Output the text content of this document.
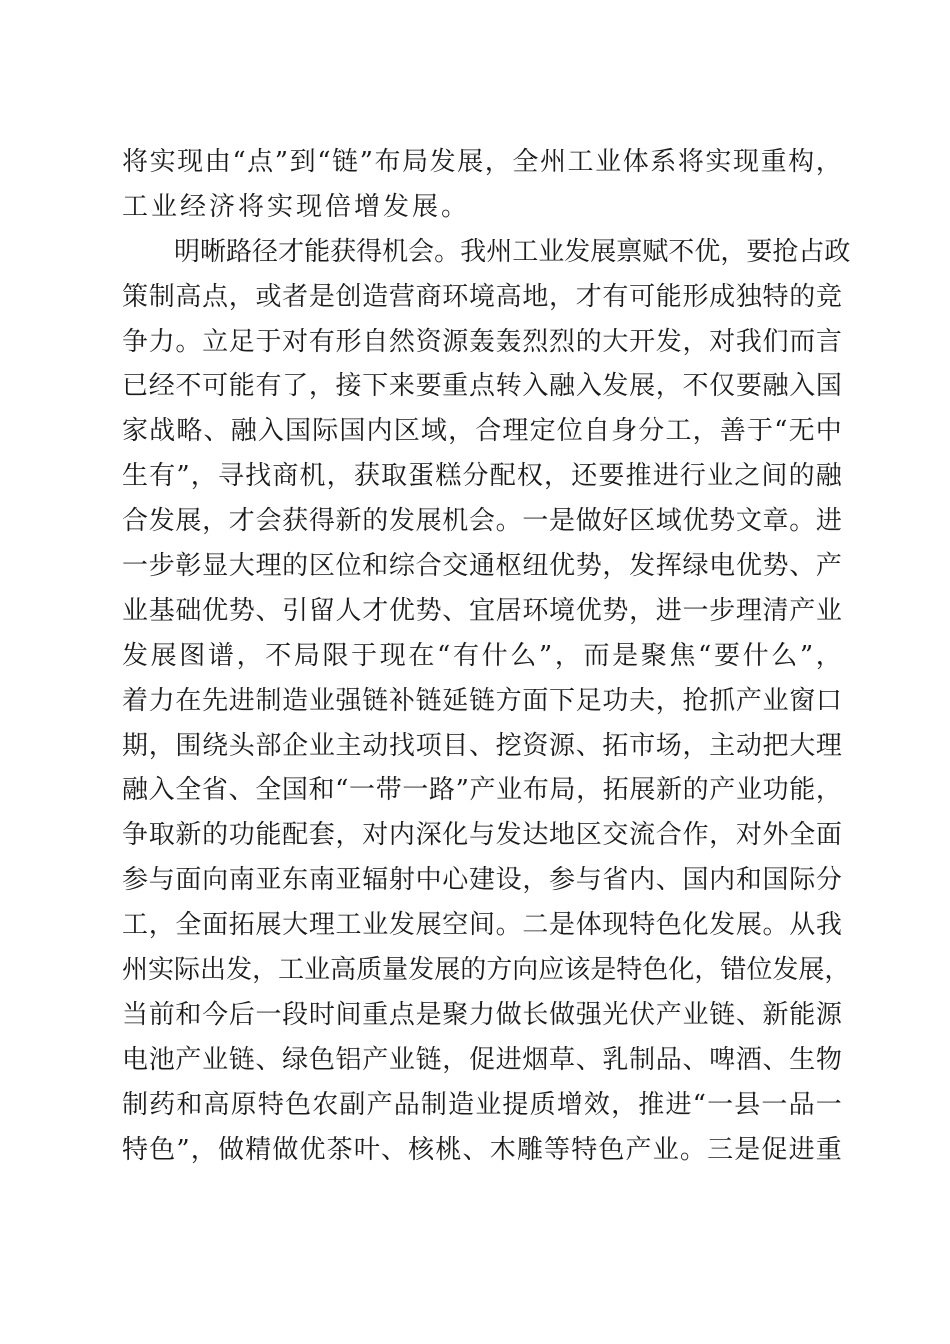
将 实 现 由 “ 点 ” 到 “ 链 ” 布 局 发 展 ， 全 州 工 业 体 系 将 实 现 重 构 ，
工业经济将实现倍增发展。
明 晰 路 径 才 能 获 得 机 会 。 我 州 工 业 发 展 禀 赋 不 优 ， 要 抢 占 政
策 制 高 点 ， 或 者 是 创 造 营 商 环 境 高 地 ， 才 有 可 能 形 成 独 特 的 竞
争 力 。 立 足 于 对 有 形 自 然 资 源 轰 轰 烈 烈 的 大 开 发 ， 对 我 们 而 言
已 经 不 可 能 有 了 ， 接 下 来 要 重 点 转 入 融 入 发 展 ， 不 仅 要 融 入 国
家 战 略 、 融 入 国 际 国 内 区 域 ， 合 理 定 位 自 身 分 工 ， 善 于 “ 无 中
生 有 ” ， 寻 找 商 机 ， 获 取 蛋 糕 分 配 权 ， 还 要 推 进 行 业 之 间 的 融
合 发 展 ， 才 会 获 得 新 的 发 展 机 会 。 一 是 做 好 区 域 优 势 文 章 。 进
一 步 彰 显 大 理 的 区 位 和 综 合 交 通 枢 纽 优 势 ， 发 挥 绿 电 优 势 、 产
业 基 础 优 势 、 引 留 人 才 优 势 、 宜 居 环 境 优 势 ， 进 一 步 理 清 产 业
发 展 图 谱 ， 不 局 限 于 现 在 “ 有 什 么 ” ， 而 是 聚 焦 “ 要 什 么 ” ，
着 力 在 先 进 制 造 业 强 链 补 链 延 链 方 面 下 足 功 夫 ， 抢 抓 产 业 窗 口
期 ， 围 绕 头 部 企 业 主 动 找 项 目 、 挖 资 源 、 拓 市 场 ， 主 动 把 大 理
融 入 全 省 、 全 国 和 “ 一 带 一 路 ” 产 业 布 局 ， 拓 展 新 的 产 业 功 能 ，
争 取 新 的 功 能 配 套 ， 对 内 深 化 与 发 达 地 区 交 流 合 作 ， 对 外 全 面
参 与 面 向 南 亚 东 南 亚 辐 射 中 心 建 设 ， 参 与 省 内 、 国 内 和 国 际 分
工 ， 全 面 拓 展 大 理 工 业 发 展 空 间 。 二 是 体 现 特 色 化 发 展 。 从 我
州 实 际 出 发 ， 工 业 高 质 量 发 展 的 方 向 应 该 是 特 色 化 ， 错 位 发 展 ，
当 前 和 今 后 一 段 时 间 重 点 是 聚 力 做 长 做 强 光 伏 产 业 链 、 新 能 源
电 池 产 业 链 、 绿 色 铝 产 业 链 ， 促 进 烟 草 、 乳 制 品 、 啤 酒 、 生 物
制 药 和 高 原 特 色 农 副 产 品 制 造 业 提 质 增 效 ， 推 进 “ 一 县 一 品 一
特 色 ” ， 做 精 做 优 茶 叶 、 核 桃 、 木 雕 等 特 色 产 业 。 三 是 促 进 重
